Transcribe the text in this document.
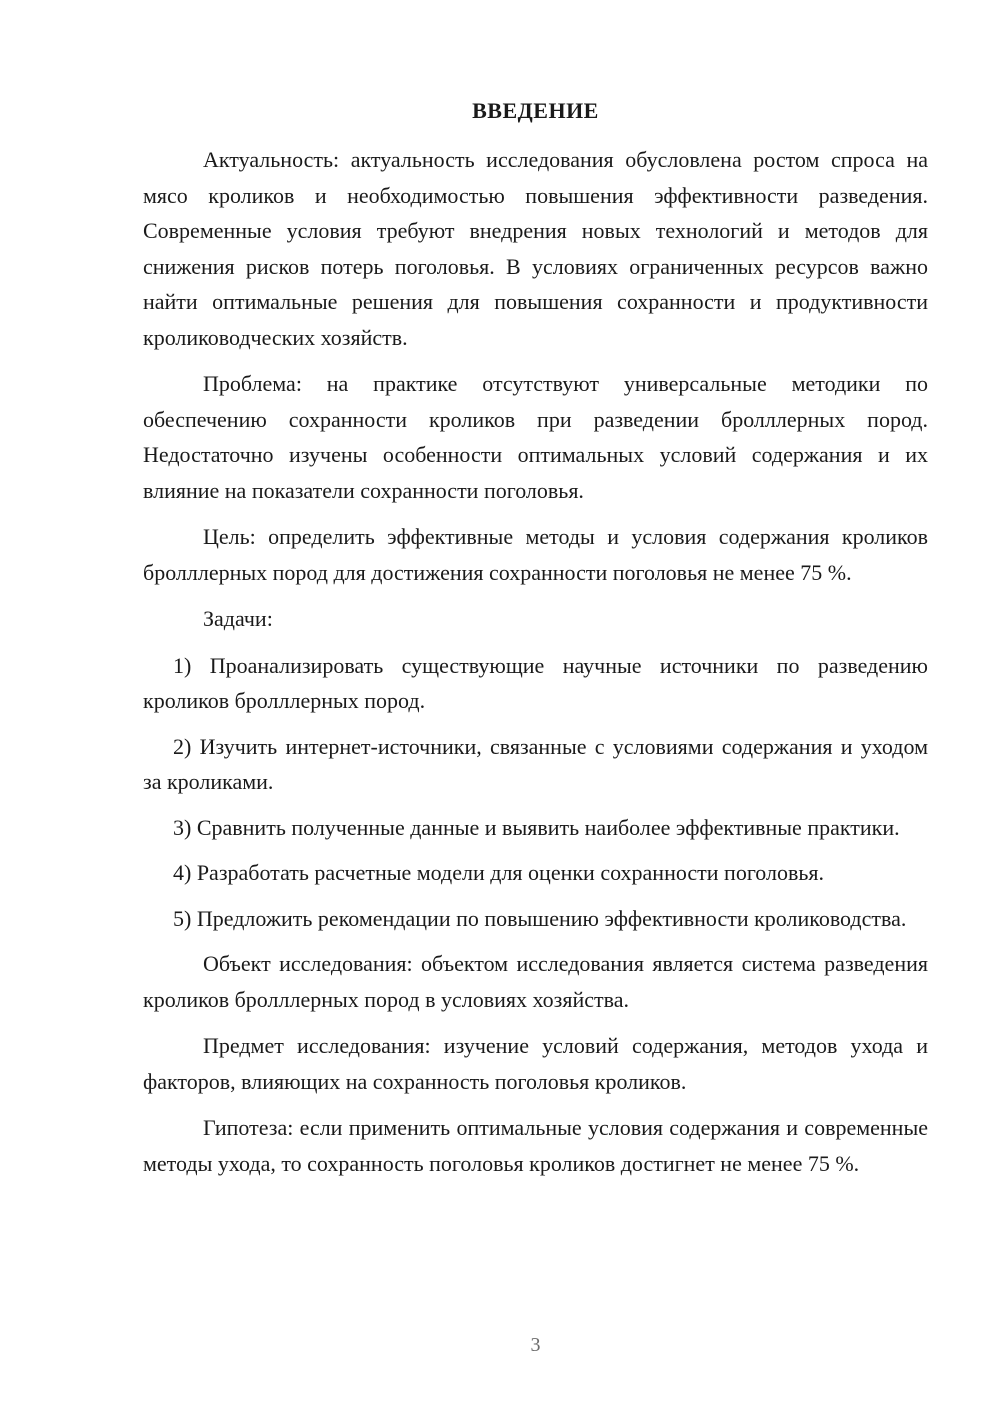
ВВЕДЕНИЕ

Актуальность: актуальность исследования обусловлена ростом спроса на мясо кроликов и необходимостью повышения эффективности разведения. Современные условия требуют внедрения новых технологий и методов для снижения рисков потерь поголовья. В условиях ограниченных ресурсов важно найти оптимальные решения для повышения сохранности и продуктивности кролиководческих хозяйств.

Проблема: на практике отсутствуют универсальные методики по обеспечению сохранности кроликов при разведении бролллерных пород. Недостаточно изучены особенности оптимальных условий содержания и их влияние на показатели сохранности поголовья.

Цель: определить эффективные методы и условия содержания кроликов бролллерных пород для достижения сохранности поголовья не менее 75 %.

Задачи:

1) Проанализировать существующие научные источники по разведению кроликов бролллерных пород.

2) Изучить интернет-источники, связанные с условиями содержания и уходом за кроликами.

3) Сравнить полученные данные и выявить наиболее эффективные практики.

4) Разработать расчетные модели для оценки сохранности поголовья.

5) Предложить рекомендации по повышению эффективности кролиководства.

Объект исследования: объектом исследования является система разведения кроликов бролллерных пород в условиях хозяйства.

Предмет исследования: изучение условий содержания, методов ухода и факторов, влияющих на сохранность поголовья кроликов.

Гипотеза: если применить оптимальные условия содержания и современные методы ухода, то сохранность поголовья кроликов достигнет не менее 75 %.

3
